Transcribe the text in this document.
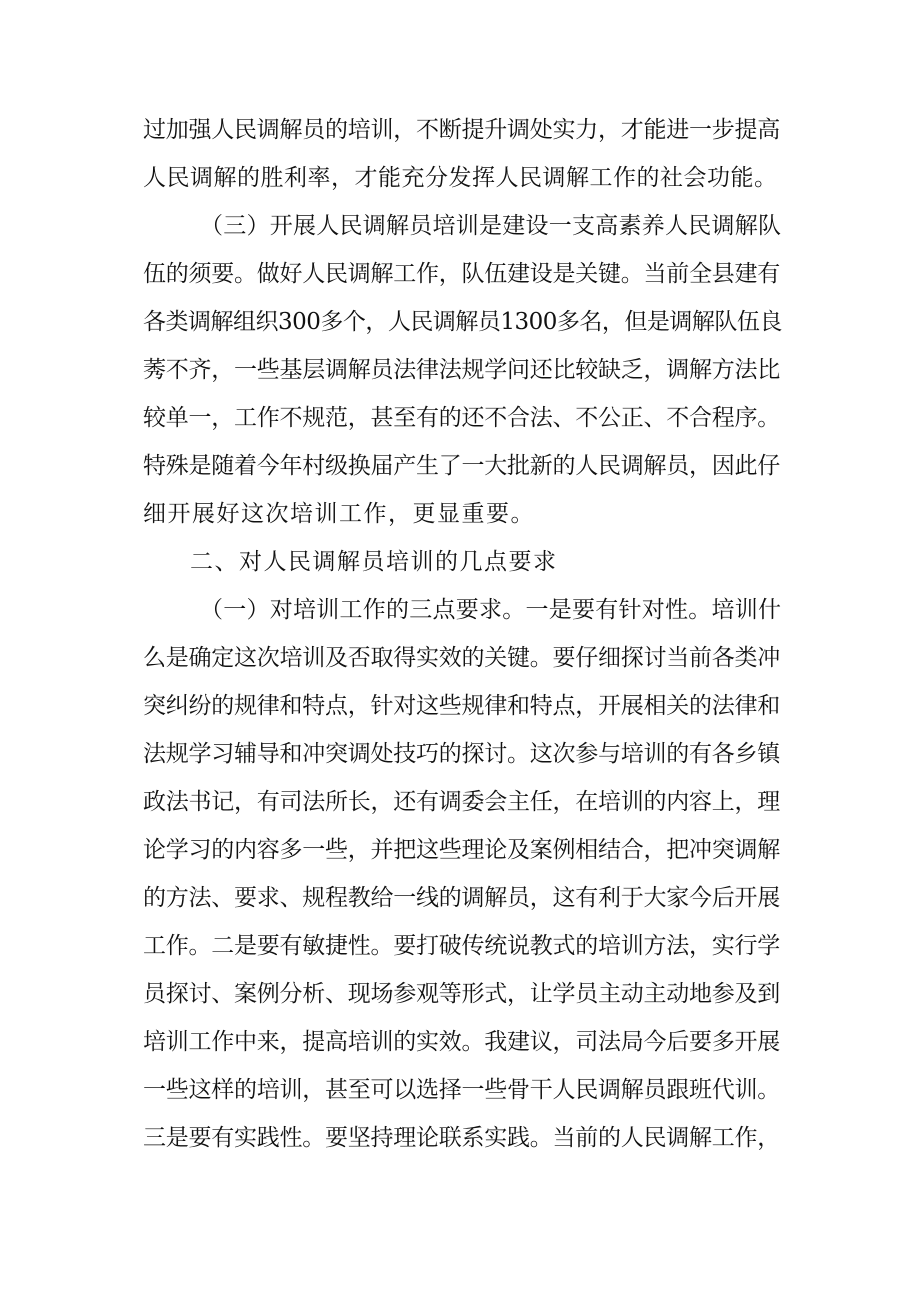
过加强人民调解员的培训，不断提升调处实力，才能进一步提高
人民调解的胜利率，才能充分发挥人民调解工作的社会功能。
（三）开展人民调解员培训是建设一支高素养人民调解队
伍的须要。做好人民调解工作，队伍建设是关键。当前全县建有
各类调解组织300多个，人民调解员1300多名，但是调解队伍良
莠不齐，一些基层调解员法律法规学问还比较缺乏，调解方法比
较单一，工作不规范，甚至有的还不合法、不公正、不合程序。
特殊是随着今年村级换届产生了一大批新的人民调解员，因此仔
细开展好这次培训工作，更显重要。
二、对人民调解员培训的几点要求
（一）对培训工作的三点要求。一是要有针对性。培训什
么是确定这次培训及否取得实效的关键。要仔细探讨当前各类冲
突纠纷的规律和特点，针对这些规律和特点，开展相关的法律和
法规学习辅导和冲突调处技巧的探讨。这次参与培训的有各乡镇
政法书记，有司法所长，还有调委会主任，在培训的内容上，理
论学习的内容多一些，并把这些理论及案例相结合，把冲突调解
的方法、要求、规程教给一线的调解员，这有利于大家今后开展
工作。二是要有敏捷性。要打破传统说教式的培训方法，实行学
员探讨、案例分析、现场参观等形式，让学员主动主动地参及到
培训工作中来，提高培训的实效。我建议，司法局今后要多开展
一些这样的培训，甚至可以选择一些骨干人民调解员跟班代训。
三是要有实践性。要坚持理论联系实践。当前的人民调解工作，
